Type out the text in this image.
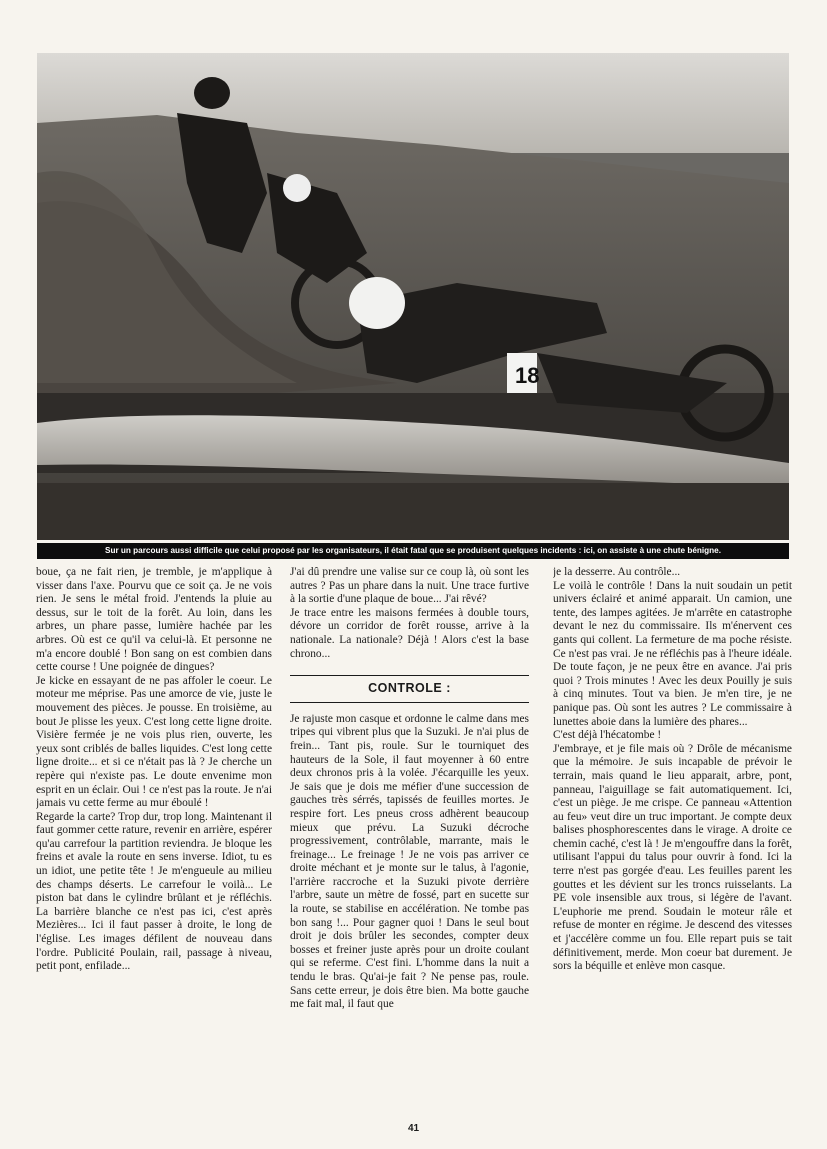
18
Sur un parcours aussi difficile que celui proposé par les organisateurs, il était fatal que se produisent quelques incidents : ici, on assiste à une chute bénigne.

boue, ça ne fait rien, je tremble, je m'applique à visser dans l'axe. Pourvu que ce soit ça. Je ne vois rien. Je sens le métal froid. J'entends la pluie au dessus, sur le toit de la forêt. Au loin, dans les arbres, un phare passe, lumière hachée par les arbres. Où est ce qu'il va celui-là. Et personne ne m'a encore doublé ! Bon sang on est combien dans cette course ! Une poignée de dingues?

Je kicke en essayant de ne pas affoler le coeur. Le moteur me méprise. Pas une amorce de vie, juste le mouvement des pièces. Je pousse. En troisième, au bout Je plisse les yeux. C'est long cette ligne droite. Visière fermée je ne vois plus rien, ouverte, les yeux sont criblés de balles liquides. C'est long cette ligne droite... et si ce n'était pas là ? Je cherche un repère qui n'existe pas. Le doute envenime mon esprit en un éclair. Oui ! ce n'est pas la route. Je n'ai jamais vu cette ferme au mur éboulé !

Regarde la carte? Trop dur, trop long. Maintenant il faut gommer cette rature, revenir en arrière, espérer qu'au carrefour la partition reviendra. Je bloque les freins et avale la route en sens inverse. Idiot, tu es un idiot, une petite tête ! Je m'engueule au milieu des champs déserts. Le carrefour le voilà... Le piston bat dans le cylindre brûlant et je réfléchis. La barrière blanche ce n'est pas ici, c'est après Mezières... Ici il faut passer à droite, le long de l'église. Les images défilent de nouveau dans l'ordre. Publicité Poulain, rail, passage à niveau, petit pont, enfilade...

J'ai dû prendre une valise sur ce coup là, où sont les autres ? Pas un phare dans la nuit. Une trace furtive à la sortie d'une plaque de boue... J'ai rêvé?

Je trace entre les maisons fermées à double tours, dévore un corridor de forêt rousse, arrive à la nationale. La nationale? Déjà ! Alors c'est la base chrono...

CONTROLE :

Je rajuste mon casque et ordonne le calme dans mes tripes qui vibrent plus que la Suzuki. Je n'ai plus de frein... Tant pis, roule. Sur le tourniquet des hauteurs de la Sole, il faut moyenner à 60 entre deux chronos pris à la volée. J'écarquille les yeux. Je sais que je dois me méfier d'une succession de gauches très sérrés, tapissés de feuilles mortes. Je respire fort. Les pneus cross adhèrent beaucoup mieux que prévu. La Suzuki décroche progressivement, contrôlable, marrante, mais le freinage... Le freinage ! Je ne vois pas arriver ce droite méchant et je monte sur le talus, à l'agonie, l'arrière raccroche et la Suzuki pivote derrière l'arbre, saute un mètre de fossé, part en sucette sur la route, se stabilise en accélération. Ne tombe pas bon sang !... Pour gagner quoi ! Dans le seul bout droit je dois brûler les secondes, compter deux bosses et freiner juste après pour un droite coulant qui se referme. C'est fini. L'homme dans la nuit a tendu le bras. Qu'ai-je fait ? Ne pense pas, roule. Sans cette erreur, je dois être bien. Ma botte gauche me fait mal, il faut que

je la desserre. Au contrôle...

Le voilà le contrôle ! Dans la nuit soudain un petit univers éclairé et animé apparait. Un camion, une tente, des lampes agitées. Je m'arrête en catastrophe devant le nez du commissaire. Ils m'énervent ces gants qui collent. La fermeture de ma poche résiste. Ce n'est pas vrai. Je ne réfléchis pas à l'heure idéale. De toute façon, je ne peux être en avance. J'ai pris quoi ? Trois minutes ! Avec les deux Pouilly je suis à cinq minutes. Tout va bien. Je m'en tire, je ne panique pas. Où sont les autres ? Le commissaire à lunettes aboie dans la lumière des phares...

C'est déjà l'hécatombe !

J'embraye, et je file mais où ? Drôle de mécanisme que la mémoire. Je suis incapable de prévoir le terrain, mais quand le lieu apparait, arbre, pont, panneau, l'aiguillage se fait automatiquement. Ici, c'est un piège. Je me crispe. Ce panneau «Attention au feu» veut dire un truc important. Je compte deux balises phosphorescentes dans le virage. A droite ce chemin caché, c'est là ! Je m'engouffre dans la forêt, utilisant l'appui du talus pour ouvrir à fond. Ici la terre n'est pas gorgée d'eau. Les feuilles parent les gouttes et les dévient sur les troncs ruisselants. La PE vole insensible aux trous, si légère de l'avant. L'euphorie me prend. Soudain le moteur râle et refuse de monter en régime. Je descend des vitesses et j'accélère comme un fou. Elle repart puis se tait définitivement, merde. Mon coeur bat durement. Je sors la béquille et enlève mon casque.

41
